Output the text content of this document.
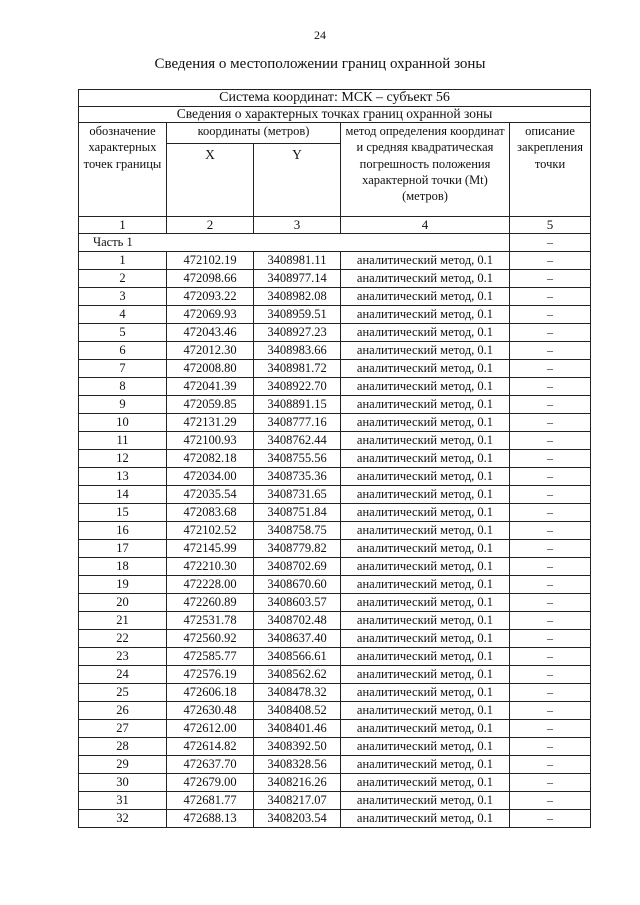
24
Сведения о местоположении границ охранной зоны
Система координат: МСК – субъект 56				
Сведения о характерных точках границ охранной зоны				
обозначение характерных точек границы	координаты (метров)		метод определения координат и средняя квадратическая погрешность положения характерной точки (Mt) (метров)	описание закрепления точки
	X	Y		
1	2	3	4	5
Часть 1				–
1	472102.19	3408981.11	аналитический метод, 0.1	–
2	472098.66	3408977.14	аналитический метод, 0.1	–
3	472093.22	3408982.08	аналитический метод, 0.1	–
4	472069.93	3408959.51	аналитический метод, 0.1	–
5	472043.46	3408927.23	аналитический метод, 0.1	–
6	472012.30	3408983.66	аналитический метод, 0.1	–
7	472008.80	3408981.72	аналитический метод, 0.1	–
8	472041.39	3408922.70	аналитический метод, 0.1	–
9	472059.85	3408891.15	аналитический метод, 0.1	–
10	472131.29	3408777.16	аналитический метод, 0.1	–
11	472100.93	3408762.44	аналитический метод, 0.1	–
12	472082.18	3408755.56	аналитический метод, 0.1	–
13	472034.00	3408735.36	аналитический метод, 0.1	–
14	472035.54	3408731.65	аналитический метод, 0.1	–
15	472083.68	3408751.84	аналитический метод, 0.1	–
16	472102.52	3408758.75	аналитический метод, 0.1	–
17	472145.99	3408779.82	аналитический метод, 0.1	–
18	472210.30	3408702.69	аналитический метод, 0.1	–
19	472228.00	3408670.60	аналитический метод, 0.1	–
20	472260.89	3408603.57	аналитический метод, 0.1	–
21	472531.78	3408702.48	аналитический метод, 0.1	–
22	472560.92	3408637.40	аналитический метод, 0.1	–
23	472585.77	3408566.61	аналитический метод, 0.1	–
24	472576.19	3408562.62	аналитический метод, 0.1	–
25	472606.18	3408478.32	аналитический метод, 0.1	–
26	472630.48	3408408.52	аналитический метод, 0.1	–
27	472612.00	3408401.46	аналитический метод, 0.1	–
28	472614.82	3408392.50	аналитический метод, 0.1	–
29	472637.70	3408328.56	аналитический метод, 0.1	–
30	472679.00	3408216.26	аналитический метод, 0.1	–
31	472681.77	3408217.07	аналитический метод, 0.1	–
32	472688.13	3408203.54	аналитический метод, 0.1	–
